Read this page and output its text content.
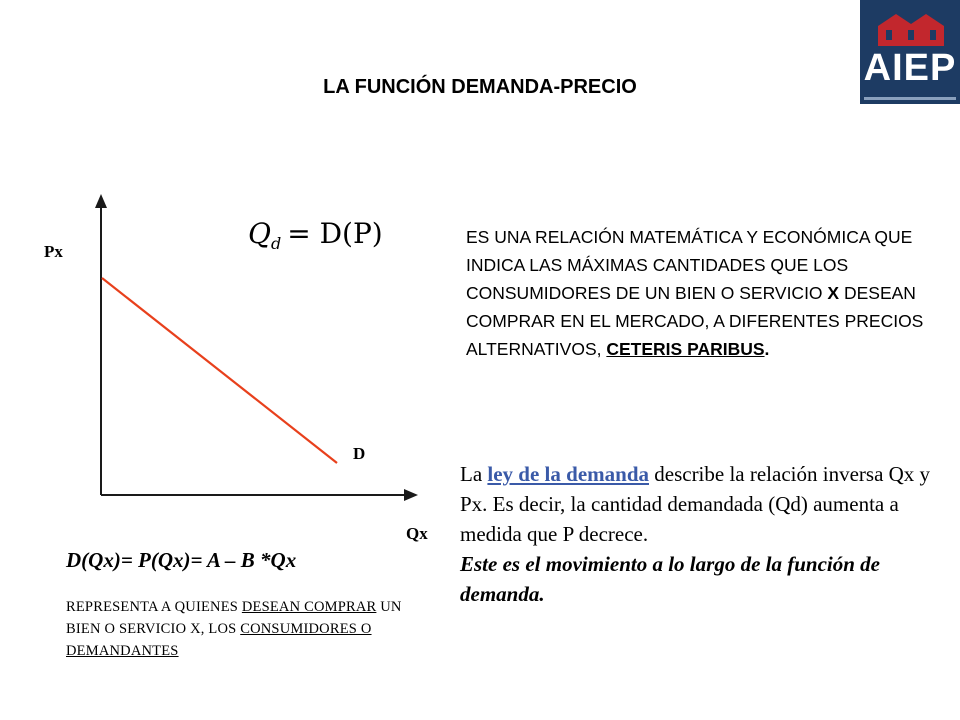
AIEP
LA FUNCIÓN DEMANDA-PRECIO
Px
Qx
D
$Q_d = D(P)$	ES UNA RELACIÓN MATEMÁTICA Y ECONÓMICA QUE INDICA LAS MÁXIMAS CANTIDADES QUE LOS CONSUMIDORES DE UN BIEN O SERVICIO X DESEAN COMPRAR EN EL MERCADO, A DIFERENTES PRECIOS ALTERNATIVOS, CETERIS PARIBUS.
La ley de la demanda describe la relación inversa Qx y Px. Es decir, la cantidad demandada (Qd) aumenta a medida que P decrece.
Este es el movimiento a lo largo de la función de demanda.
D(Qx)= P(Qx)= A – B *Qx
REPRESENTA A QUIENES DESEAN COMPRAR UN BIEN O SERVICIO X, LOS CONSUMIDORES O DEMANDANTES
